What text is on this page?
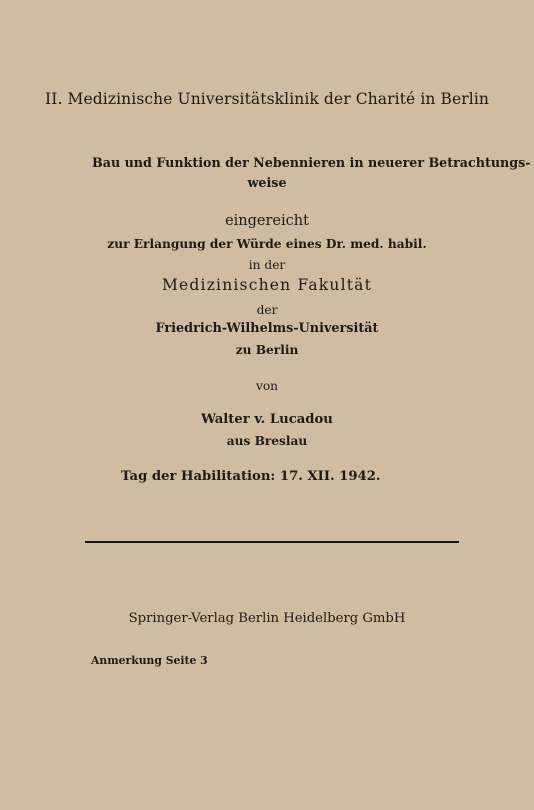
II. Medizinische Universitätsklinik der Charité in Berlin
Bau und Funktion der Nebennieren in neuerer Betrachtungs-
weise
eingereicht
zur Erlangung der Würde eines Dr. med. habil.
in der
Medizinischen Fakultät
der
Friedrich-Wilhelms-Universität
zu Berlin
von
Walter v. Lucadou
aus Breslau
Tag der Habilitation: 17. XII. 1942.
Springer-Verlag Berlin Heidelberg GmbH
Anmerkung Seite 3
